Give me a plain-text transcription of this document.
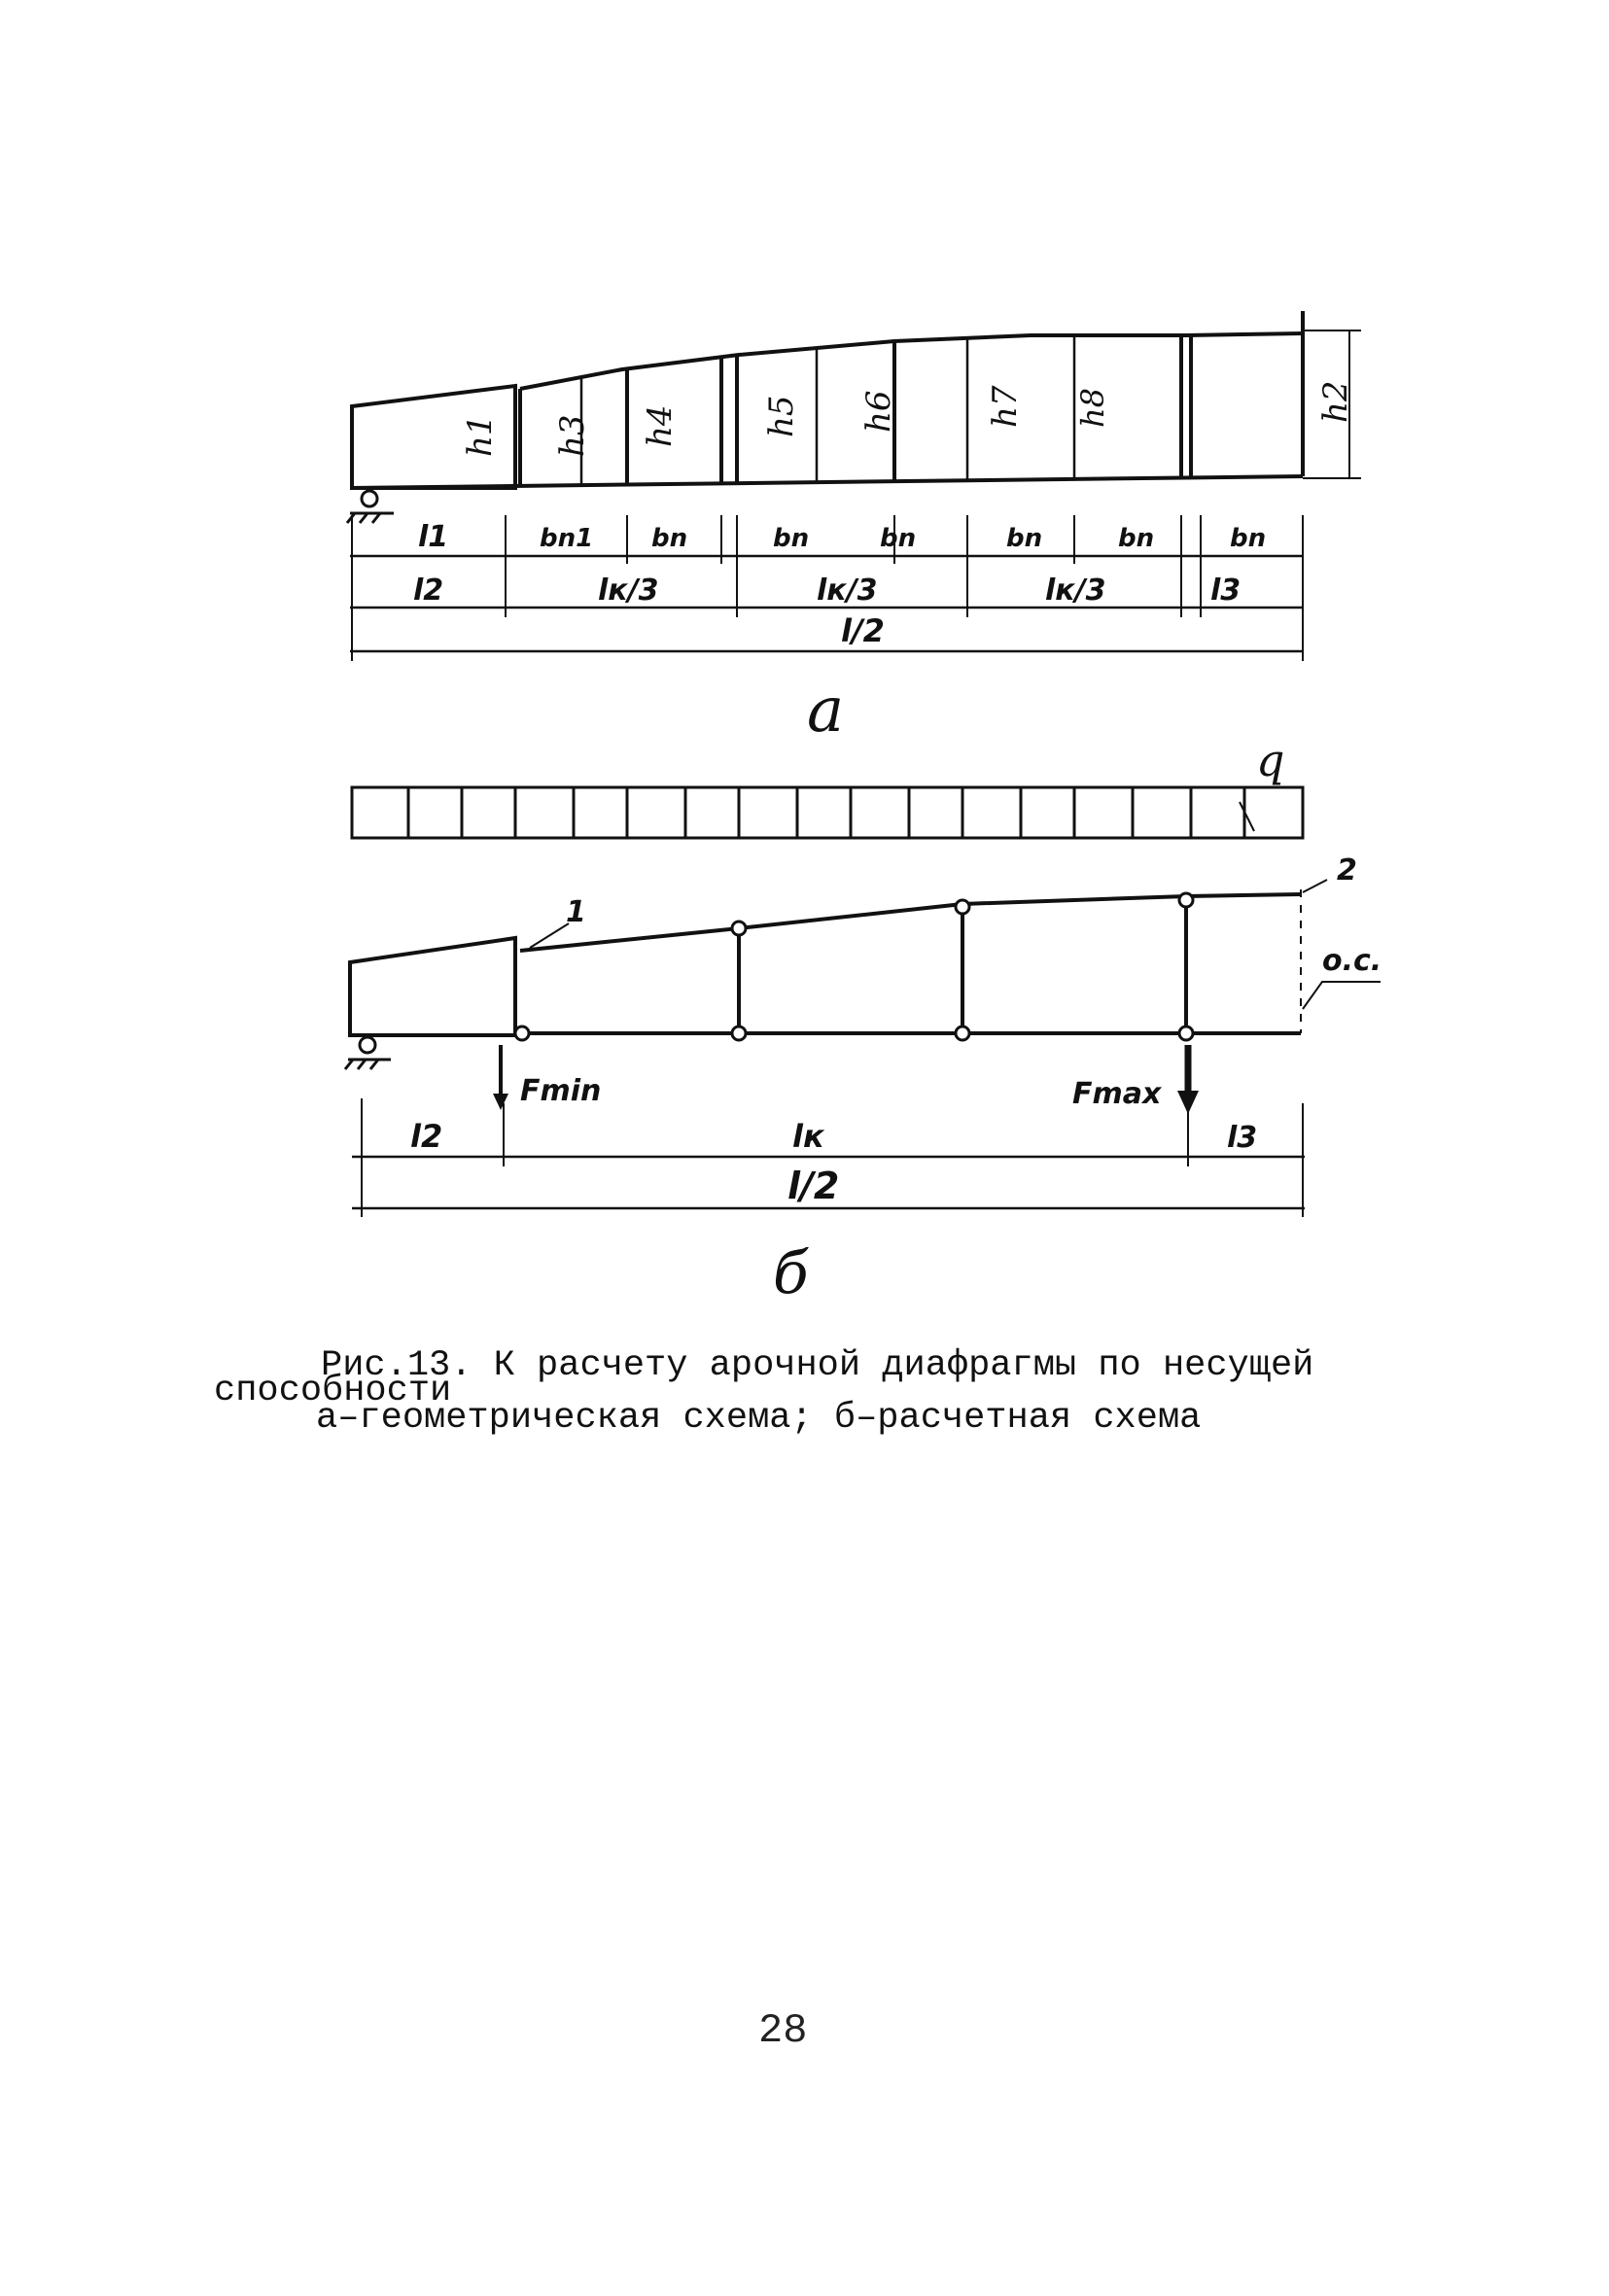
h1 h3 h4	h5 h6	h7 h8	h2
l1	bn1 bn	bn	bn	bn	bn	bn
l2	lк/3	lк/3	lк/3	l3
l/2
а
q
1
2
о.с.
Fmin	Fmax
l2	lк	l3
l/2
б
Рис.13. К расчету арочной диафрагмы по несущей
способности
а–геометрическая схема; б–расчетная схема
28
